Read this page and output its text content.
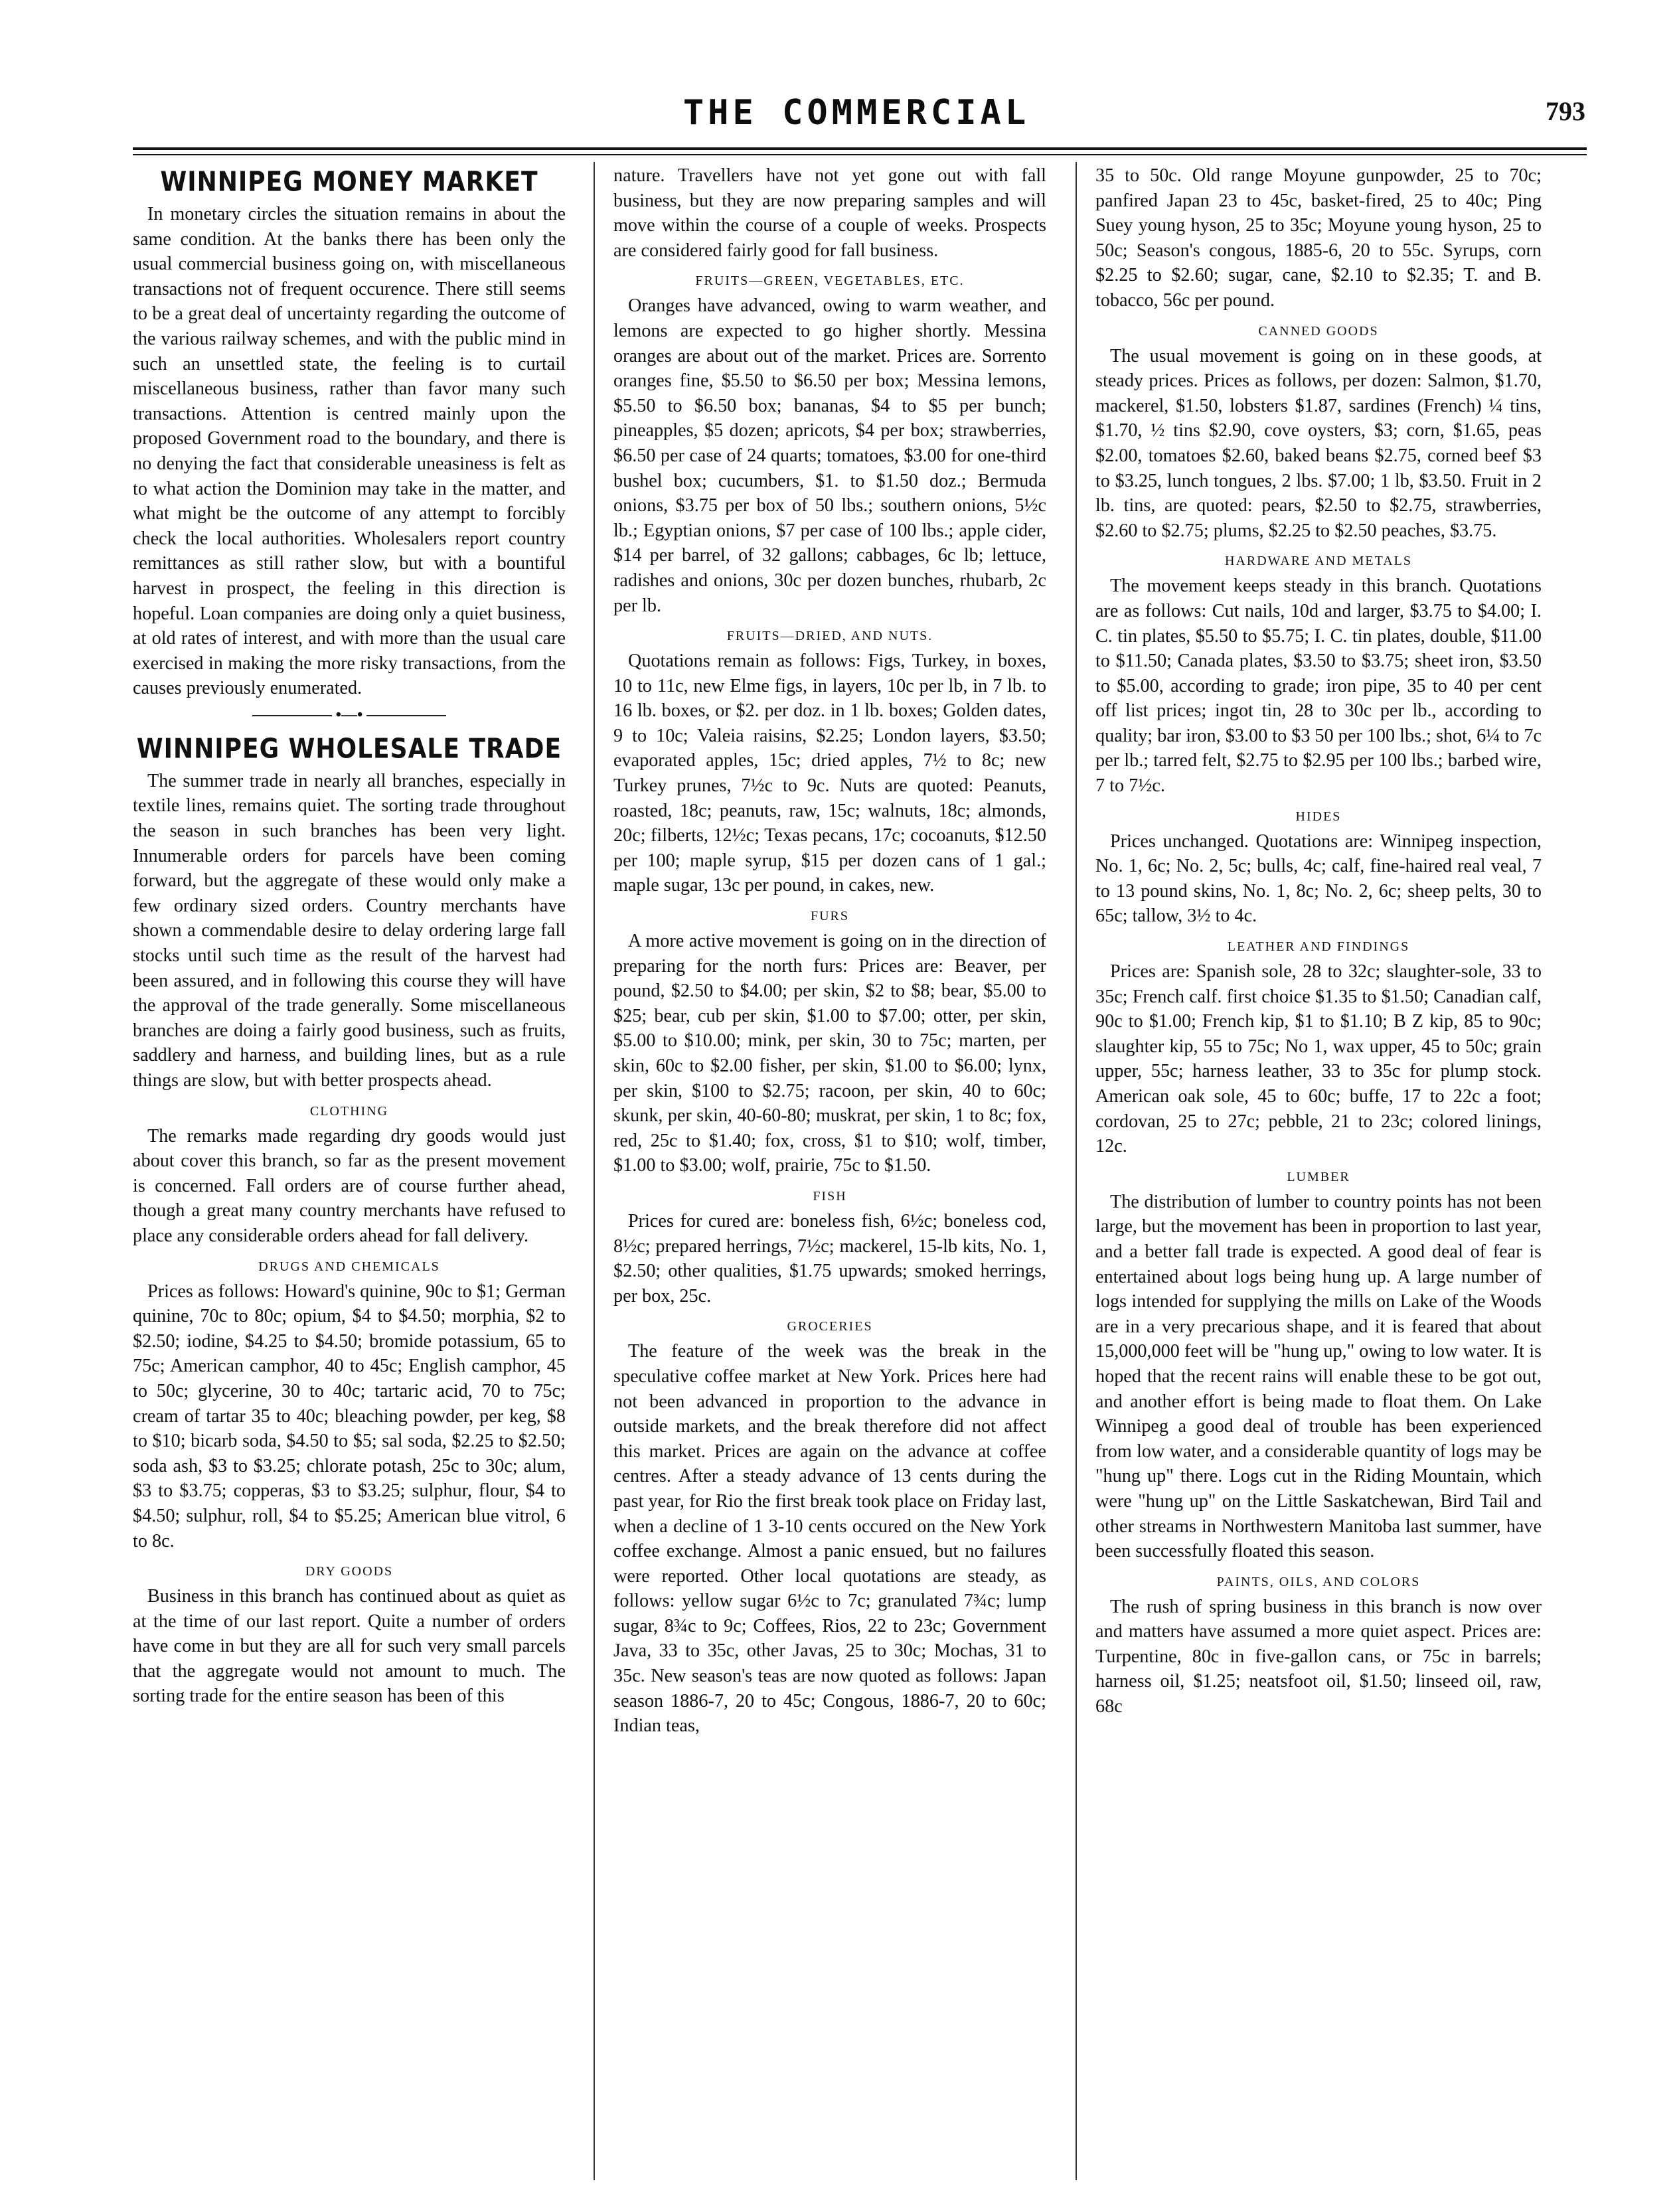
THE COMMERCIAL	793
WINNIPEG MONEY MARKET

In monetary circles the situation remains in about the same condition. At the banks there has been only the usual commercial business going on, with miscellaneous transactions not of frequent occurence. There still seems to be a great deal of uncertainty regarding the outcome of the various railway schemes, and with the public mind in such an unsettled state, the feeling is to curtail miscellaneous business, rather than favor many such transactions. Attention is centred mainly upon the proposed Government road to the boundary, and there is no denying the fact that considerable uneasiness is felt as to what action the Dominion may take in the matter, and what might be the outcome of any attempt to forcibly check the local authorities. Wholesalers report country remittances as still rather slow, but with a bountiful harvest in prospect, the feeling in this direction is hopeful. Loan companies are doing only a quiet business, at old rates of interest, and with more than the usual care exercised in making the more risky transactions, from the causes previously enumerated.

•—•
WINNIPEG WHOLESALE TRADE

The summer trade in nearly all branches, especially in textile lines, remains quiet. The sorting trade throughout the season in such branches has been very light. Innumerable orders for parcels have been coming forward, but the aggregate of these would only make a few ordinary sized orders. Country merchants have shown a commendable desire to delay ordering large fall stocks until such time as the result of the harvest had been assured, and in following this course they will have the approval of the trade generally. Some miscellaneous branches are doing a fairly good business, such as fruits, saddlery and harness, and building lines, but as a rule things are slow, but with better prospects ahead.

CLOTHING

The remarks made regarding dry goods would just about cover this branch, so far as the present movement is concerned. Fall orders are of course further ahead, though a great many country merchants have refused to place any considerable orders ahead for fall delivery.

DRUGS AND CHEMICALS

Prices as follows: Howard's quinine, 90c to $1; German quinine, 70c to 80c; opium, $4 to $4.50; morphia, $2 to $2.50; iodine, $4.25 to $4.50; bromide potassium, 65 to 75c; American camphor, 40 to 45c; English camphor, 45 to 50c; glycerine, 30 to 40c; tartaric acid, 70 to 75c; cream of tartar 35 to 40c; bleaching powder, per keg, $8 to $10; bicarb soda, $4.50 to $5; sal soda, $2.25 to $2.50; soda ash, $3 to $3.25; chlorate potash, 25c to 30c; alum, $3 to $3.75; copperas, $3 to $3.25; sulphur, flour, $4 to $4.50; sulphur, roll, $4 to $5.25; American blue vitrol, 6 to 8c.

DRY GOODS

Business in this branch has continued about as quiet as at the time of our last report. Quite a number of orders have come in but they are all for such very small parcels that the aggregate would not amount to much. The sorting trade for the entire season has been of this

nature. Travellers have not yet gone out with fall business, but they are now preparing samples and will move within the course of a couple of weeks. Prospects are considered fairly good for fall business.

FRUITS—GREEN, VEGETABLES, ETC.

Oranges have advanced, owing to warm weather, and lemons are expected to go higher shortly. Messina oranges are about out of the market. Prices are. Sorrento oranges fine, $5.50 to $6.50 per box; Messina lemons, $5.50 to $6.50 box; bananas, $4 to $5 per bunch; pineapples, $5 dozen; apricots, $4 per box; strawberries, $6.50 per case of 24 quarts; tomatoes, $3.00 for one-third bushel box; cucumbers, $1. to $1.50 doz.; Bermuda onions, $3.75 per box of 50 lbs.; southern onions, 5½c lb.; Egyptian onions, $7 per case of 100 lbs.; apple cider, $14 per barrel, of 32 gallons; cabbages, 6c lb; lettuce, radishes and onions, 30c per dozen bunches, rhubarb, 2c per lb.

FRUITS—DRIED, AND NUTS.

Quotations remain as follows: Figs, Turkey, in boxes, 10 to 11c, new Elme figs, in layers, 10c per lb, in 7 lb. to 16 lb. boxes, or $2. per doz. in 1 lb. boxes; Golden dates, 9 to 10c; Valeia raisins, $2.25; London layers, $3.50; evaporated apples, 15c; dried apples, 7½ to 8c; new Turkey prunes, 7½c to 9c. Nuts are quoted: Peanuts, roasted, 18c; peanuts, raw, 15c; walnuts, 18c; almonds, 20c; filberts, 12½c; Texas pecans, 17c; cocoanuts, $12.50 per 100; maple syrup, $15 per dozen cans of 1 gal.; maple sugar, 13c per pound, in cakes, new.

FURS

A more active movement is going on in the direction of preparing for the north furs: Prices are: Beaver, per pound, $2.50 to $4.00; per skin, $2 to $8; bear, $5.00 to $25; bear, cub per skin, $1.00 to $7.00; otter, per skin, $5.00 to $10.00; mink, per skin, 30 to 75c; marten, per skin, 60c to $2.00 fisher, per skin, $1.00 to $6.00; lynx, per skin, $100 to $2.75; racoon, per skin, 40 to 60c; skunk, per skin, 40-60-80; muskrat, per skin, 1 to 8c; fox, red, 25c to $1.40; fox, cross, $1 to $10; wolf, timber, $1.00 to $3.00; wolf, prairie, 75c to $1.50.

FISH

Prices for cured are: boneless fish, 6½c; boneless cod, 8½c; prepared herrings, 7½c; mackerel, 15-lb kits, No. 1, $2.50; other qualities, $1.75 upwards; smoked herrings, per box, 25c.

GROCERIES

The feature of the week was the break in the speculative coffee market at New York. Prices here had not been advanced in proportion to the advance in outside markets, and the break therefore did not affect this market. Prices are again on the advance at coffee centres. After a steady advance of 13 cents during the past year, for Rio the first break took place on Friday last, when a decline of 1 3-10 cents occured on the New York coffee exchange. Almost a panic ensued, but no failures were reported. Other local quotations are steady, as follows: yellow sugar 6½c to 7c; granulated 7¾c; lump sugar, 8¾c to 9c; Coffees, Rios, 22 to 23c; Government Java, 33 to 35c, other Javas, 25 to 30c; Mochas, 31 to 35c. New season's teas are now quoted as follows: Japan season 1886-7, 20 to 45c; Congous, 1886-7, 20 to 60c; Indian teas,

35 to 50c. Old range Moyune gunpowder, 25 to 70c; panfired Japan 23 to 45c, basket-fired, 25 to 40c; Ping Suey young hyson, 25 to 35c; Moyune young hyson, 25 to 50c; Season's congous, 1885-6, 20 to 55c. Syrups, corn $2.25 to $2.60; sugar, cane, $2.10 to $2.35; T. and B. tobacco, 56c per pound.

CANNED GOODS

The usual movement is going on in these goods, at steady prices. Prices as follows, per dozen: Salmon, $1.70, mackerel, $1.50, lobsters $1.87, sardines (French) ¼ tins, $1.70, ½ tins $2.90, cove oysters, $3; corn, $1.65, peas $2.00, tomatoes $2.60, baked beans $2.75, corned beef $3 to $3.25, lunch tongues, 2 lbs. $7.00; 1 lb, $3.50. Fruit in 2 lb. tins, are quoted: pears, $2.50 to $2.75, strawberries, $2.60 to $2.75; plums, $2.25 to $2.50 peaches, $3.75.

HARDWARE AND METALS

The movement keeps steady in this branch. Quotations are as follows: Cut nails, 10d and larger, $3.75 to $4.00; I. C. tin plates, $5.50 to $5.75; I. C. tin plates, double, $11.00 to $11.50; Canada plates, $3.50 to $3.75; sheet iron, $3.50 to $5.00, according to grade; iron pipe, 35 to 40 per cent off list prices; ingot tin, 28 to 30c per lb., according to quality; bar iron, $3.00 to $3 50 per 100 lbs.; shot, 6¼ to 7c per lb.; tarred felt, $2.75 to $2.95 per 100 lbs.; barbed wire, 7 to 7½c.

HIDES

Prices unchanged. Quotations are: Winnipeg inspection, No. 1, 6c; No. 2, 5c; bulls, 4c; calf, fine-haired real veal, 7 to 13 pound skins, No. 1, 8c; No. 2, 6c; sheep pelts, 30 to 65c; tallow, 3½ to 4c.

LEATHER AND FINDINGS

Prices are: Spanish sole, 28 to 32c; slaughter-sole, 33 to 35c; French calf. first choice $1.35 to $1.50; Canadian calf, 90c to $1.00; French kip, $1 to $1.10; B Z kip, 85 to 90c; slaughter kip, 55 to 75c; No 1, wax upper, 45 to 50c; grain upper, 55c; harness leather, 33 to 35c for plump stock. American oak sole, 45 to 60c; buffe, 17 to 22c a foot; cordovan, 25 to 27c; pebble, 21 to 23c; colored linings, 12c.

LUMBER

The distribution of lumber to country points has not been large, but the movement has been in proportion to last year, and a better fall trade is expected. A good deal of fear is entertained about logs being hung up. A large number of logs intended for supplying the mills on Lake of the Woods are in a very precarious shape, and it is feared that about 15,000,000 feet will be "hung up," owing to low water. It is hoped that the recent rains will enable these to be got out, and another effort is being made to float them. On Lake Winnipeg a good deal of trouble has been experienced from low water, and a considerable quantity of logs may be "hung up" there. Logs cut in the Riding Mountain, which were "hung up" on the Little Saskatchewan, Bird Tail and other streams in Northwestern Manitoba last summer, have been successfully floated this season.

PAINTS, OILS, AND COLORS

The rush of spring business in this branch is now over and matters have assumed a more quiet aspect. Prices are: Turpentine, 80c in five-gallon cans, or 75c in barrels; harness oil, $1.25; neatsfoot oil, $1.50; linseed oil, raw, 68c
